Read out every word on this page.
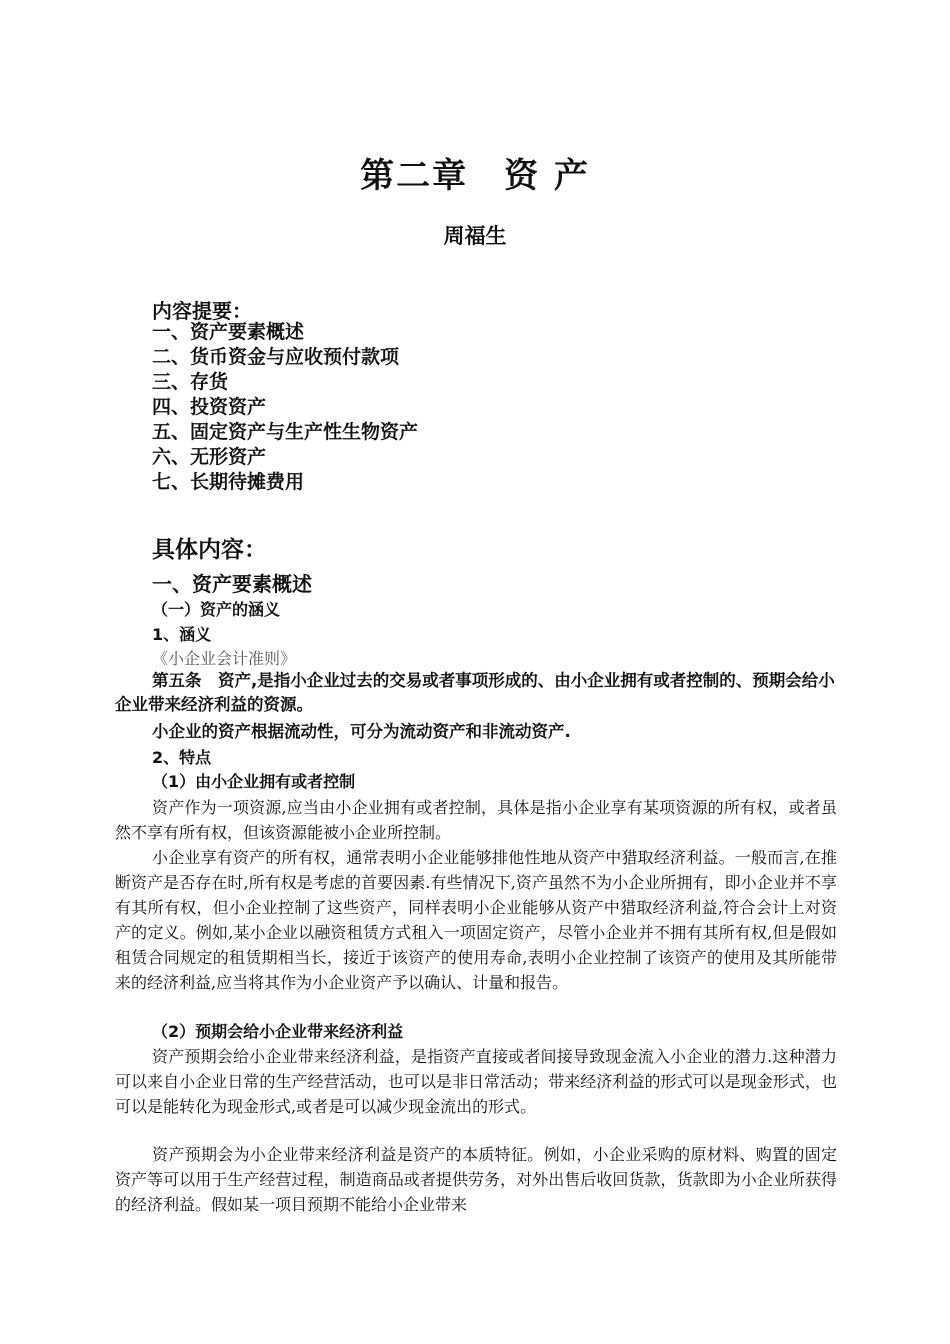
第二章　资 产
周福生
内容提要：
一、资产要素概述
二、货币资金与应收预付款项
三、存货
四、投资资产
五、固定资产与生产性生物资产
六、无形资产
七、长期待摊费用
具体内容：
一、资产要素概述
（一）资产的涵义
1、涵义
《小企业会计准则》
第五条　资产,是指小企业过去的交易或者事项形成的、由小企业拥有或者控制的、预期会给小企业带来经济利益的资源。
小企业的资产根据流动性，可分为流动资产和非流动资产.
2、特点
（1）由小企业拥有或者控制
资产作为一项资源,应当由小企业拥有或者控制，具体是指小企业享有某项资源的所有权，或者虽然不享有所有权，但该资源能被小企业所控制。
小企业享有资产的所有权，通常表明小企业能够排他性地从资产中猎取经济利益。一般而言,在推断资产是否存在时,所有权是考虑的首要因素.有些情况下,资产虽然不为小企业所拥有，即小企业并不享有其所有权，但小企业控制了这些资产，同样表明小企业能够从资产中猎取经济利益,符合会计上对资产的定义。例如,某小企业以融资租赁方式租入一项固定资产，尽管小企业并不拥有其所有权,但是假如租赁合同规定的租赁期相当长，接近于该资产的使用寿命,表明小企业控制了该资产的使用及其所能带来的经济利益,应当将其作为小企业资产予以确认、计量和报告。
（2）预期会给小企业带来经济利益
资产预期会给小企业带来经济利益，是指资产直接或者间接导致现金流入小企业的潜力.这种潜力可以来自小企业日常的生产经营活动，也可以是非日常活动；带来经济利益的形式可以是现金形式，也可以是能转化为现金形式,或者是可以减少现金流出的形式。
资产预期会为小企业带来经济利益是资产的本质特征。例如，小企业采购的原材料、购置的固定资产等可以用于生产经营过程，制造商品或者提供劳务，对外出售后收回货款，货款即为小企业所获得的经济利益。假如某一项目预期不能给小企业带来
